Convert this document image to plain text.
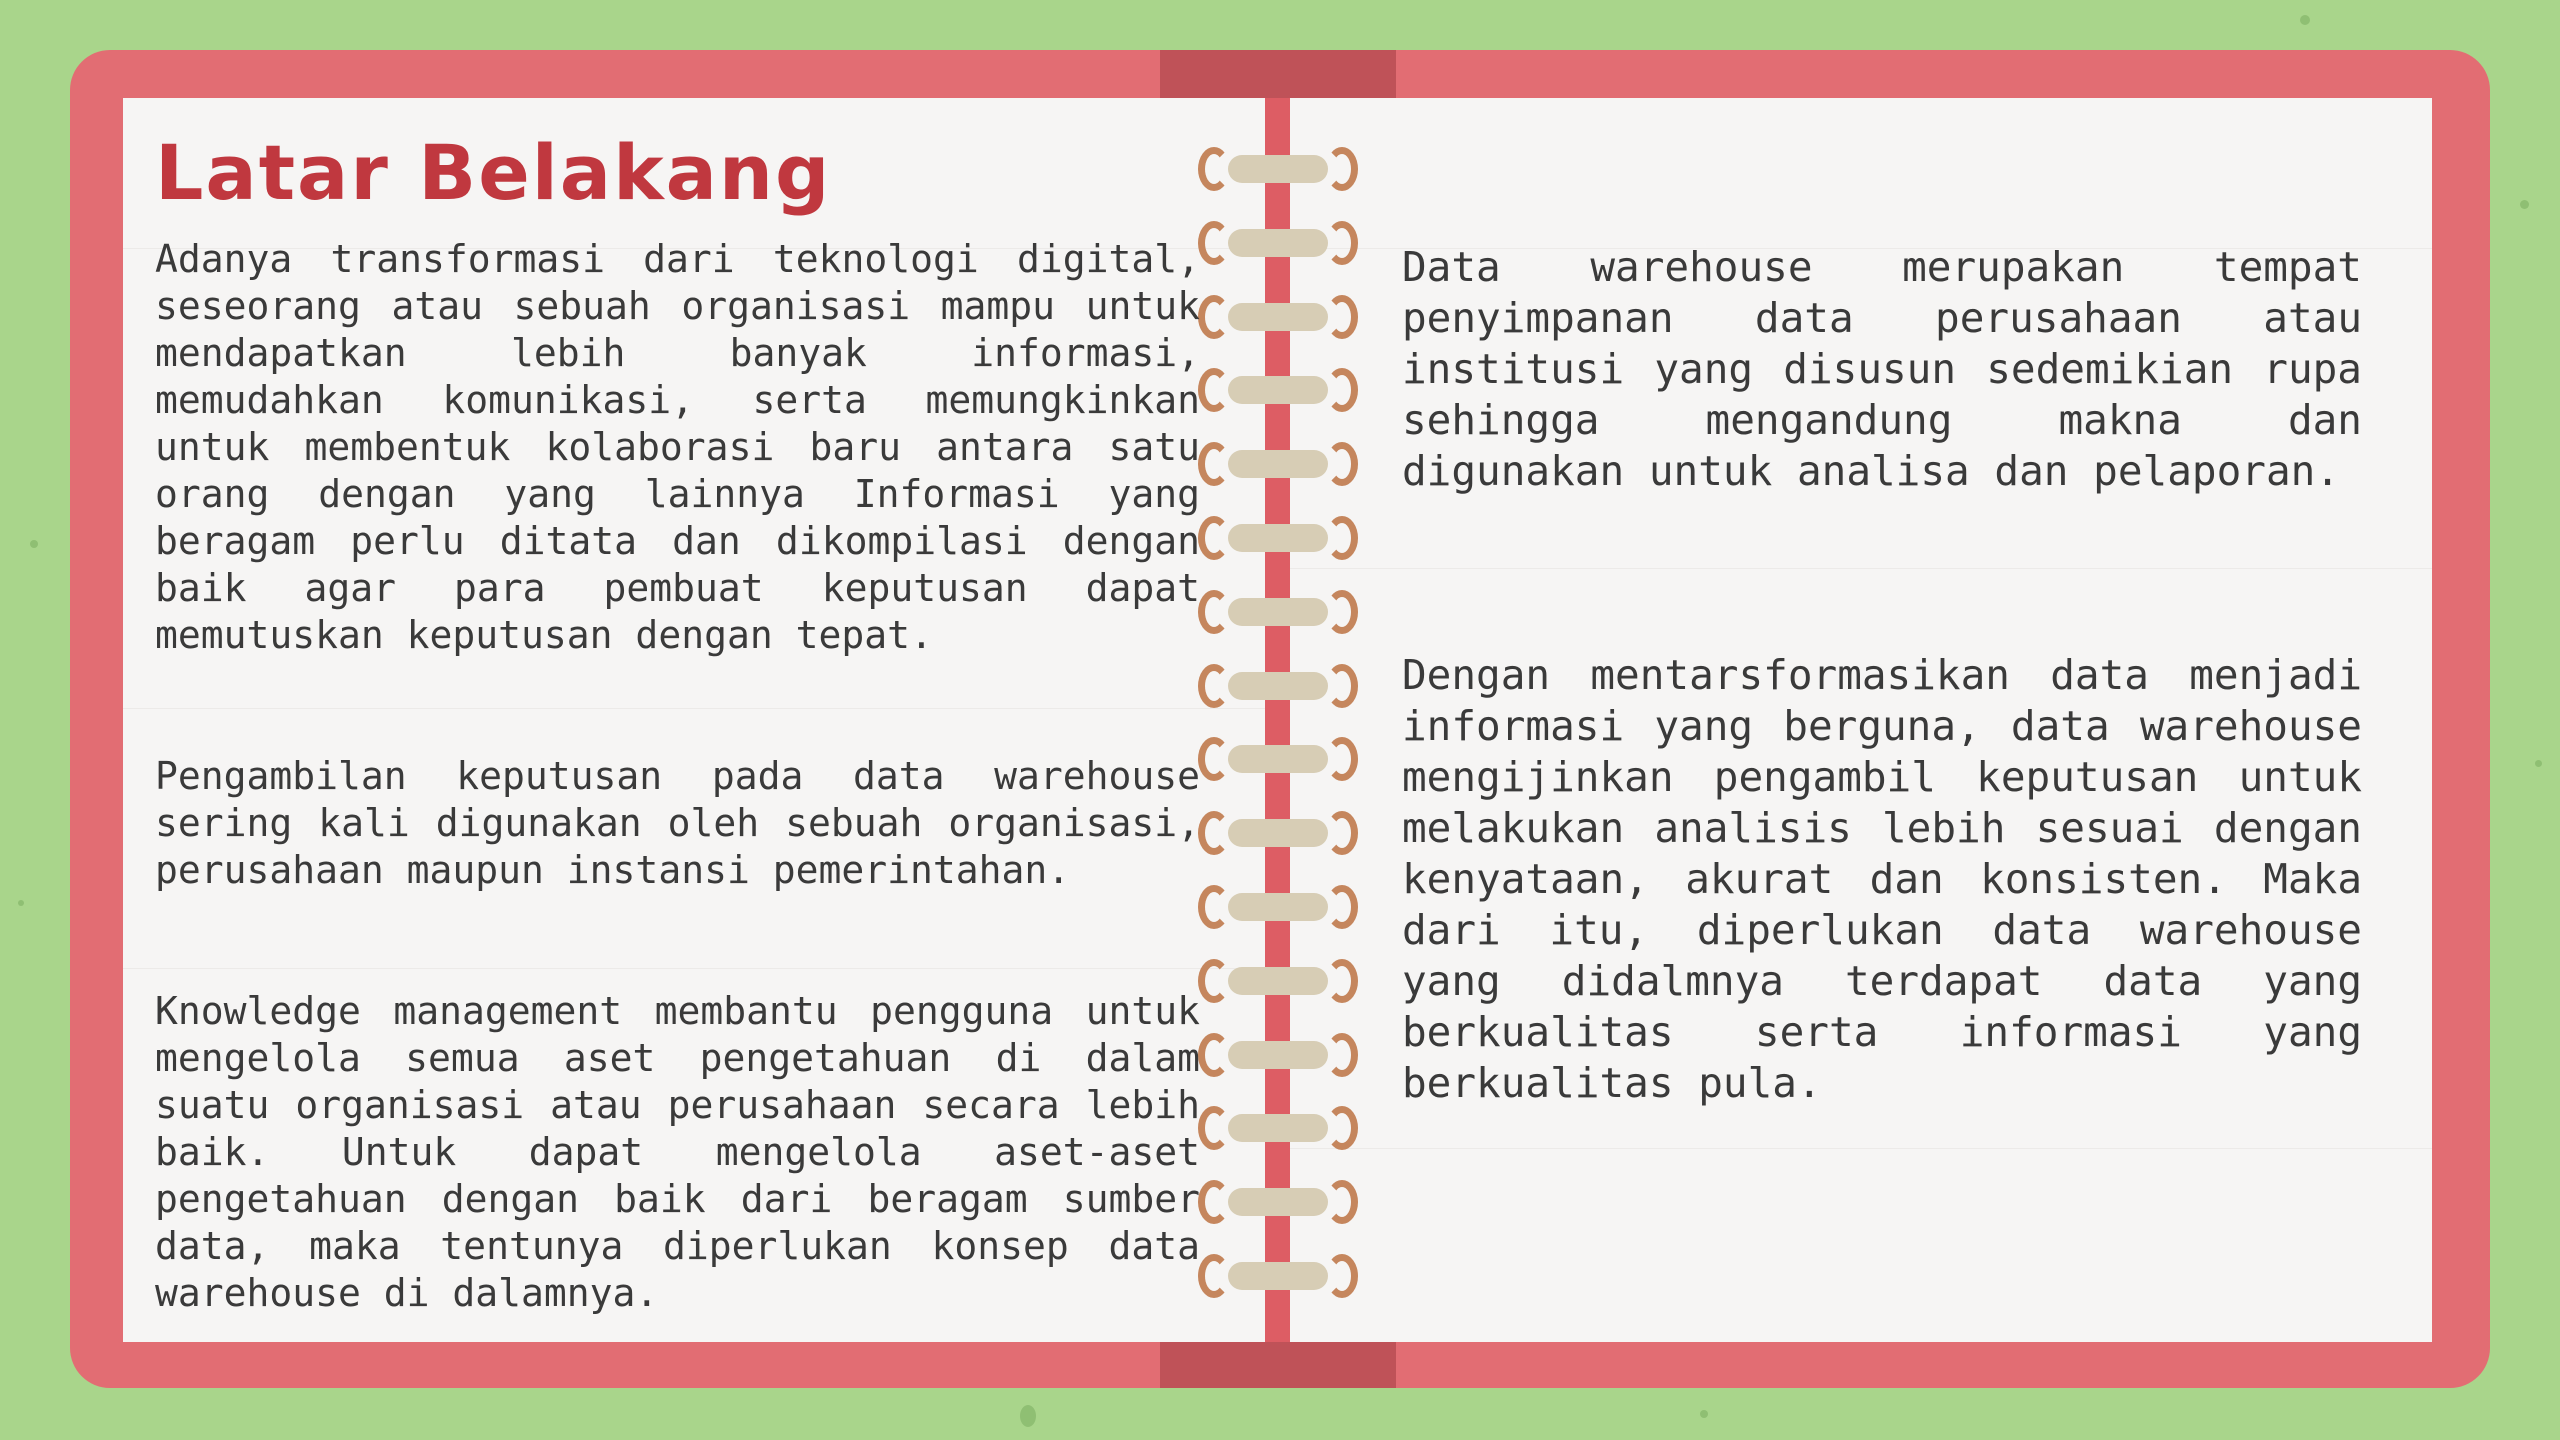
Latar Belakang

Adanya transformasi dari teknologi digital, seseorang atau sebuah organisasi mampu untuk mendapatkan lebih banyak informasi, memudahkan komunikasi, serta memungkinkan untuk membentuk kolaborasi baru antara satu orang dengan yang lainnya Informasi yang beragam perlu ditata dan dikompilasi dengan baik agar para pembuat keputusan dapat memutuskan keputusan dengan tepat.

Pengambilan keputusan pada data warehouse sering kali digunakan oleh sebuah organisasi, perusahaan maupun instansi pemerintahan.

Knowledge management membantu pengguna untuk mengelola semua aset pengetahuan di dalam suatu organisasi atau perusahaan secara lebih baik. Untuk dapat mengelola aset-aset pengetahuan dengan baik dari beragam sumber data, maka tentunya diperlukan konsep data warehouse di dalamnya.

Data warehouse merupakan tempat penyimpanan data perusahaan atau institusi yang disusun sedemikian rupa sehingga mengandung makna dan digunakan untuk analisa dan pelaporan.

Dengan mentarsformasikan data menjadi informasi yang berguna, data warehouse mengijinkan pengambil keputusan untuk melakukan analisis lebih sesuai dengan kenyataan, akurat dan konsisten. Maka dari itu, diperlukan data warehouse yang didalmnya terdapat data yang berkualitas serta informasi yang berkualitas pula.
